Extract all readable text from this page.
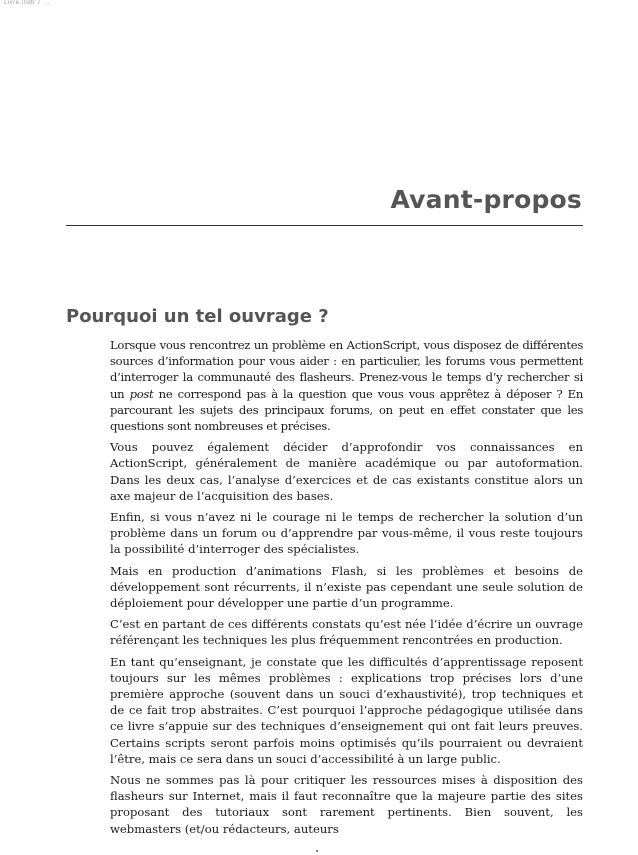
Livre.indb 7 ...
Avant-propos
Pourquoi un tel ouvrage ?

Lorsque vous rencontrez un problème en ActionScript, vous disposez de différentes sources d’information pour vous aider : en particulier, les forums vous permettent d’interroger la communauté des flasheurs. Prenez-vous le temps d’y rechercher si un post ne correspond pas à la question que vous vous apprêtez à déposer ? En parcourant les sujets des principaux forums, on peut en effet constater que les questions sont nombreuses et précises.

Vous pouvez également décider d’approfondir vos connaissances en ActionScript, généralement de manière académique ou par autoformation. Dans les deux cas, l’analyse d’exercices et de cas existants constitue alors un axe majeur de l’acquisition des bases.

Enfin, si vous n’avez ni le courage ni le temps de rechercher la solution d’un problème dans un forum ou d’apprendre par vous-même, il vous reste toujours la possibilité d’interroger des spécialistes.

Mais en production d’animations Flash, si les problèmes et besoins de développement sont récurrents, il n’existe pas cependant une seule solution de déploiement pour développer une partie d’un programme.

C’est en partant de ces différents constats qu’est née l’idée d’écrire un ouvrage référençant les techniques les plus fréquemment rencontrées en production.

En tant qu’enseignant, je constate que les difficultés d’apprentissage reposent toujours sur les mêmes problèmes : explications trop précises lors d’une première approche (souvent dans un souci d’exhaustivité), trop techniques et de ce fait trop abstraites. C’est pourquoi l’approche pédagogique utilisée dans ce livre s’appuie sur des techniques d’enseignement qui ont fait leurs preuves. Certains scripts seront parfois moins optimisés qu’ils pourraient ou devraient l’être, mais ce sera dans un souci d’accessibilité à un large public.

Nous ne sommes pas là pour critiquer les ressources mises à disposition des flasheurs sur Internet, mais il faut reconnaître que la majeure partie des sites proposant des tutoriaux sont rarement pertinents. Bien souvent, les webmasters (et/ou rédacteurs, auteurs
